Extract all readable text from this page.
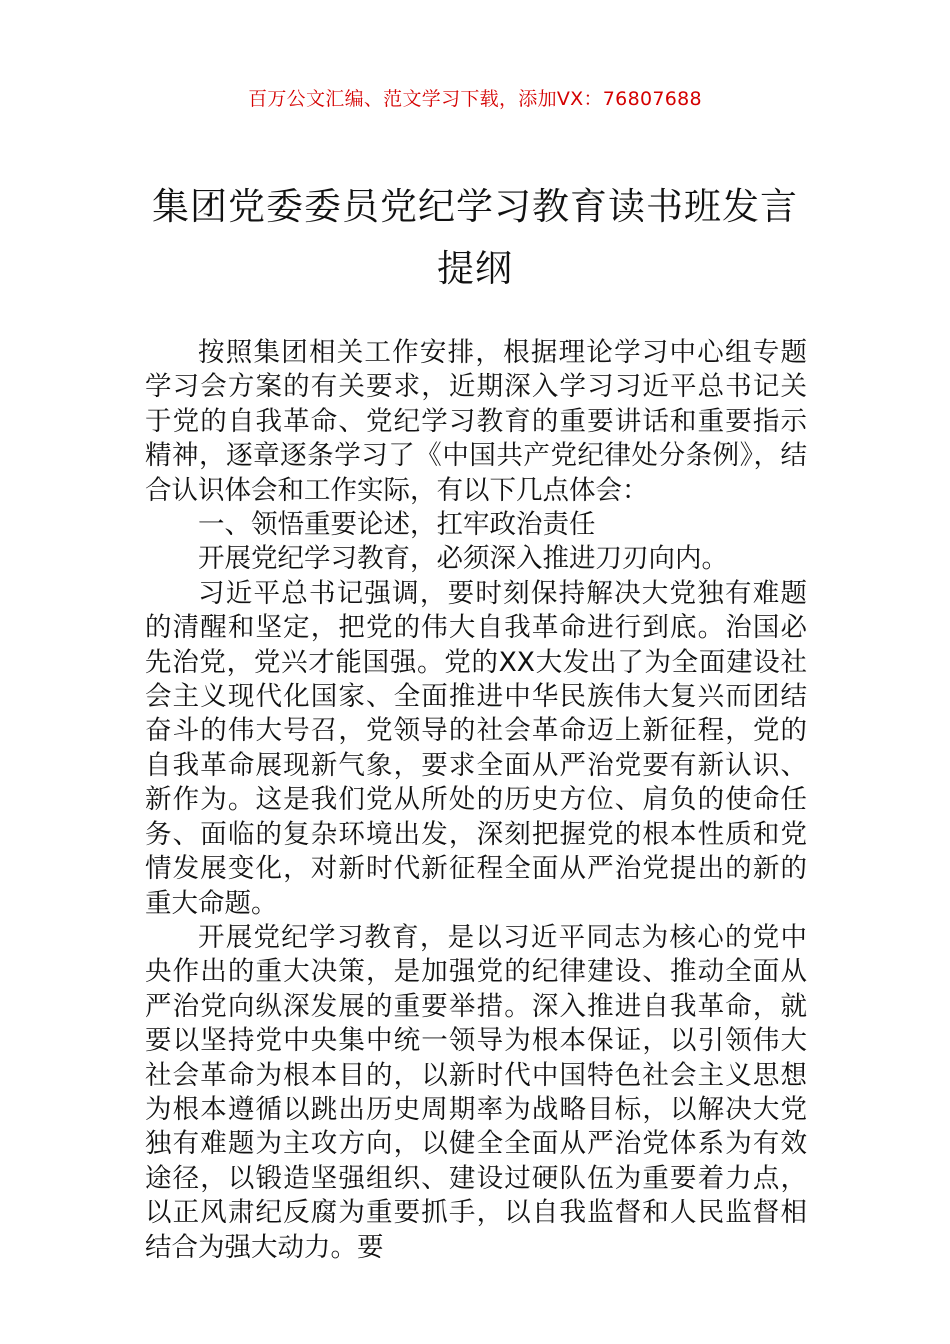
百万公文汇编、范文学习下载，添加VX：76807688
集团党委委员党纪学习教育读书班发言提纲

按照集团相关工作安排，根据理论学习中心组专题学习会方案的有关要求，近期深入学习习近平总书记关于党的自我革命、党纪学习教育的重要讲话和重要指示精神，逐章逐条学习了《中国共产党纪律处分条例》，结合认识体会和工作实际，有以下几点体会：

一、领悟重要论述，扛牢政治责任

开展党纪学习教育，必须深入推进刀刃向内。

习近平总书记强调，要时刻保持解决大党独有难题的清醒和坚定，把党的伟大自我革命进行到底。治国必先治党，党兴才能国强。党的XX大发出了为全面建设社会主义现代化国家、全面推进中华民族伟大复兴而团结奋斗的伟大号召，党领导的社会革命迈上新征程，党的自我革命展现新气象，要求全面从严治党要有新认识、新作为。这是我们党从所处的历史方位、肩负的使命任务、面临的复杂环境出发，深刻把握党的根本性质和党情发展变化，对新时代新征程全面从严治党提出的新的重大命题。

开展党纪学习教育，是以习近平同志为核心的党中央作出的重大决策，是加强党的纪律建设、推动全面从严治党向纵深发展的重要举措。深入推进自我革命，就要以坚持党中央集中统一领导为根本保证，以引领伟大社会革命为根本目的，以新时代中国特色社会主义思想为根本遵循以跳出历史周期率为战略目标，以解决大党独有难题为主攻方向，以健全全面从严治党体系为有效途径，以锻造坚强组织、建设过硬队伍为重要着力点，以正风肃纪反腐为重要抓手，以自我监督和人民监督相结合为强大动力。要
